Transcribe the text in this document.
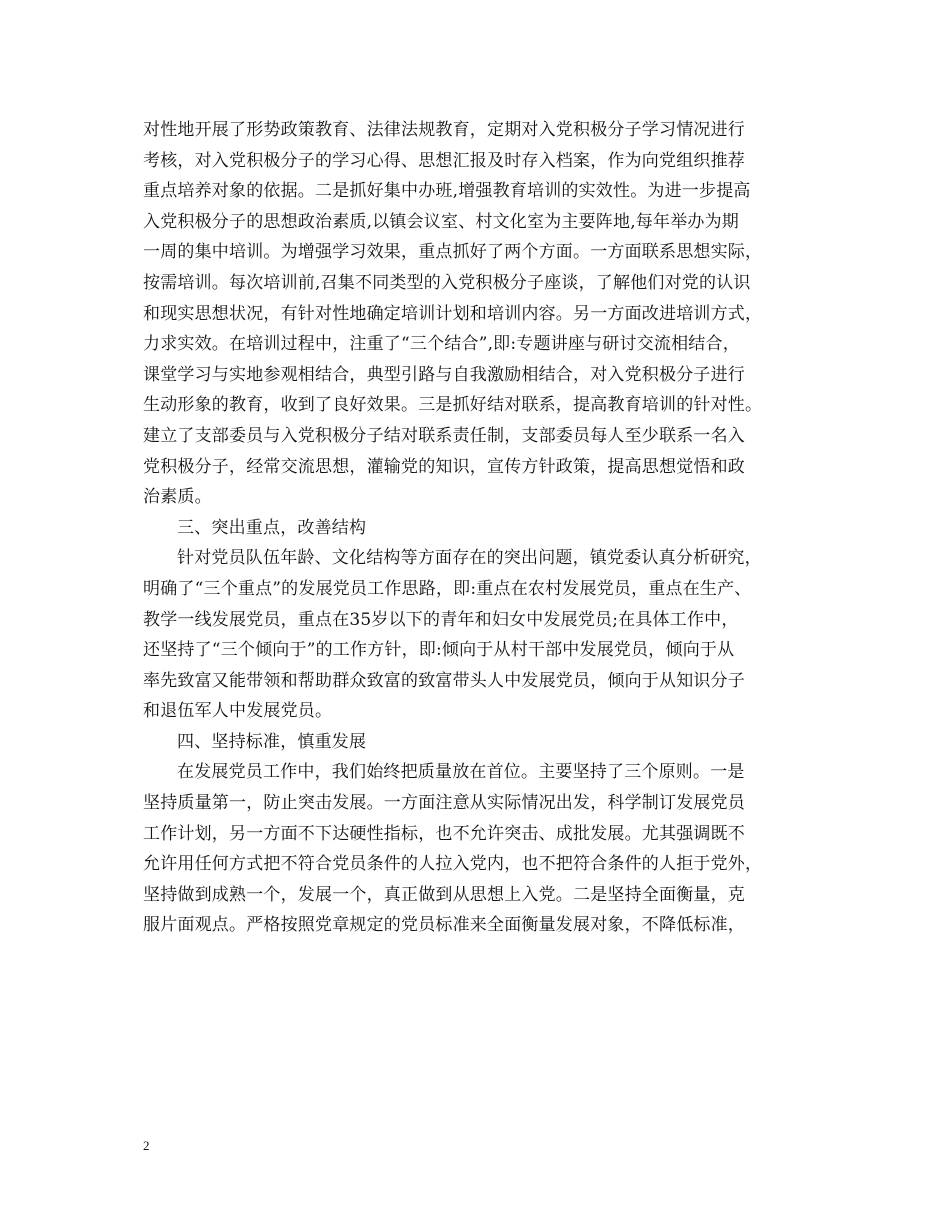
对性地开展了形势政策教育、法律法规教育，定期对入党积极分子学习情况进行
考核，对入党积极分子的学习心得、思想汇报及时存入档案，作为向党组织推荐
重点培养对象的依据。二是抓好集中办班,增强教育培训的实效性。为进一步提高
入党积极分子的思想政治素质,以镇会议室、村文化室为主要阵地,每年举办为期
一周的集中培训。为增强学习效果，重点抓好了两个方面。一方面联系思想实际，
按需培训。每次培训前,召集不同类型的入党积极分子座谈，了解他们对党的认识
和现实思想状况，有针对性地确定培训计划和培训内容。另一方面改进培训方式，
力求实效。在培训过程中，注重了“三个结合”,即:专题讲座与研讨交流相结合，
课堂学习与实地参观相结合，典型引路与自我激励相结合，对入党积极分子进行
生动形象的教育，收到了良好效果。三是抓好结对联系，提高教育培训的针对性。
建立了支部委员与入党积极分子结对联系责任制，支部委员每人至少联系一名入
党积极分子，经常交流思想，灌输党的知识，宣传方针政策，提高思想觉悟和政
治素质。
三、突出重点，改善结构
针对党员队伍年龄、文化结构等方面存在的突出问题，镇党委认真分析研究，
明确了“三个重点”的发展党员工作思路，即:重点在农村发展党员，重点在生产、
教学一线发展党员，重点在35岁以下的青年和妇女中发展党员;在具体工作中，
还坚持了“三个倾向于”的工作方针，即:倾向于从村干部中发展党员，倾向于从
率先致富又能带领和帮助群众致富的致富带头人中发展党员，倾向于从知识分子
和退伍军人中发展党员。
四、坚持标准，慎重发展
在发展党员工作中，我们始终把质量放在首位。主要坚持了三个原则。一是
坚持质量第一，防止突击发展。一方面注意从实际情况出发，科学制订发展党员
工作计划，另一方面不下达硬性指标，也不允许突击、成批发展。尤其强调既不
允许用任何方式把不符合党员条件的人拉入党内，也不把符合条件的人拒于党外，
坚持做到成熟一个，发展一个，真正做到从思想上入党。二是坚持全面衡量，克
服片面观点。严格按照党章规定的党员标准来全面衡量发展对象，不降低标准，
2
